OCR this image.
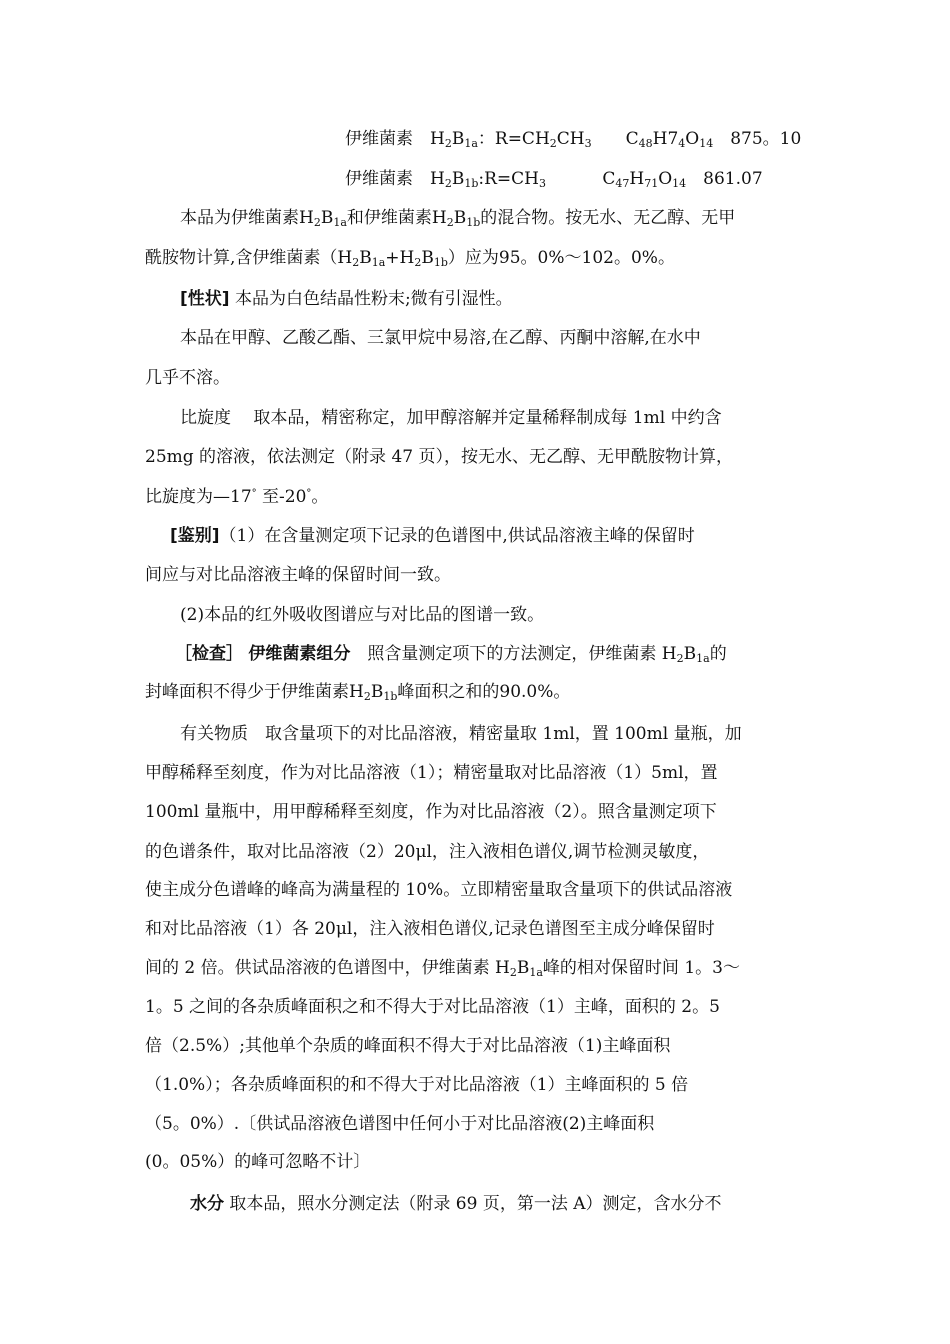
伊维菌素　 $H_2B_{1a}$：$R=CH_2CH_3$　　$C_{48}H7_4O_{14}$　 875。10
伊维菌素　 $H_2B_{1b}:R=CH_3$　　　 $C_{47}H_{71}O_{14}$　 861.07
本品为伊维菌素$H_2B_{1a}$和伊维菌素$H_2B_{1b}$的混合物。按无水、无乙醇、无甲
酰胺物计算,含伊维菌素$(H_2B_{1a}+H_2B_{1b})$应为95。0%～102。0%。
[性状] 本品为白色结晶性粉末;微有引湿性。
本品在甲醇、乙酸乙酯、三氯甲烷中易溶,在乙醇、丙酮中溶解,在水中
几乎不溶。
比旋度　 取本品，精密称定，加甲醇溶解并定量稀释制成每 1ml 中约含
25mg 的溶液，依法测定（附录 47 页），按无水、无乙醇、无甲酰胺物计算，
比旋度为—17° 至-20°。
[鉴别]（1）在含量测定项下记录的色谱图中,供试品溶液主峰的保留时
间应与对比品溶液主峰的保留时间一致。
(2)本品的红外吸收图谱应与对比品的图谱一致。
［检查］ 伊维菌素组分　照含量测定项下的方法测定，伊维菌素 $H_2B_{1a}$的
封峰面积不得少于伊维菌素$H_2B_{1b}$峰面积之和的90.0%。
有关物质　取含量项下的对比品溶液，精密量取 1ml，置 100ml 量瓶，加
甲醇稀释至刻度，作为对比品溶液（1）；精密量取对比品溶液（1）5ml，置
100ml 量瓶中，用甲醇稀释至刻度，作为对比品溶液（2）。照含量测定项下
的色谱条件，取对比品溶液（2）20μl，注入液相色谱仪,调节检测灵敏度，
使主成分色谱峰的峰高为满量程的 10%。立即精密量取含量项下的供试品溶液
和对比品溶液（1）各 20μl，注入液相色谱仪,记录色谱图至主成分峰保留时
间的 2 倍。供试品溶液的色谱图中，伊维菌素 $H_2B_{1a}$峰的相对保留时间 1。3～
1。5 之间的各杂质峰面积之和不得大于对比品溶液（1）主峰，面积的 2。5
倍（2.5%）;其他单个杂质的峰面积不得大于对比品溶液（1)主峰面积
（1.0%）；各杂质峰面积的和不得大于对比品溶液（1）主峰面积的 5 倍
（5。0%）.〔供试品溶液色谱图中任何小于对比品溶液(2)主峰面积
(0。05%）的峰可忽略不计〕
水分 取本品，照水分测定法（附录 69 页，第一法 A）测定，含水分不
